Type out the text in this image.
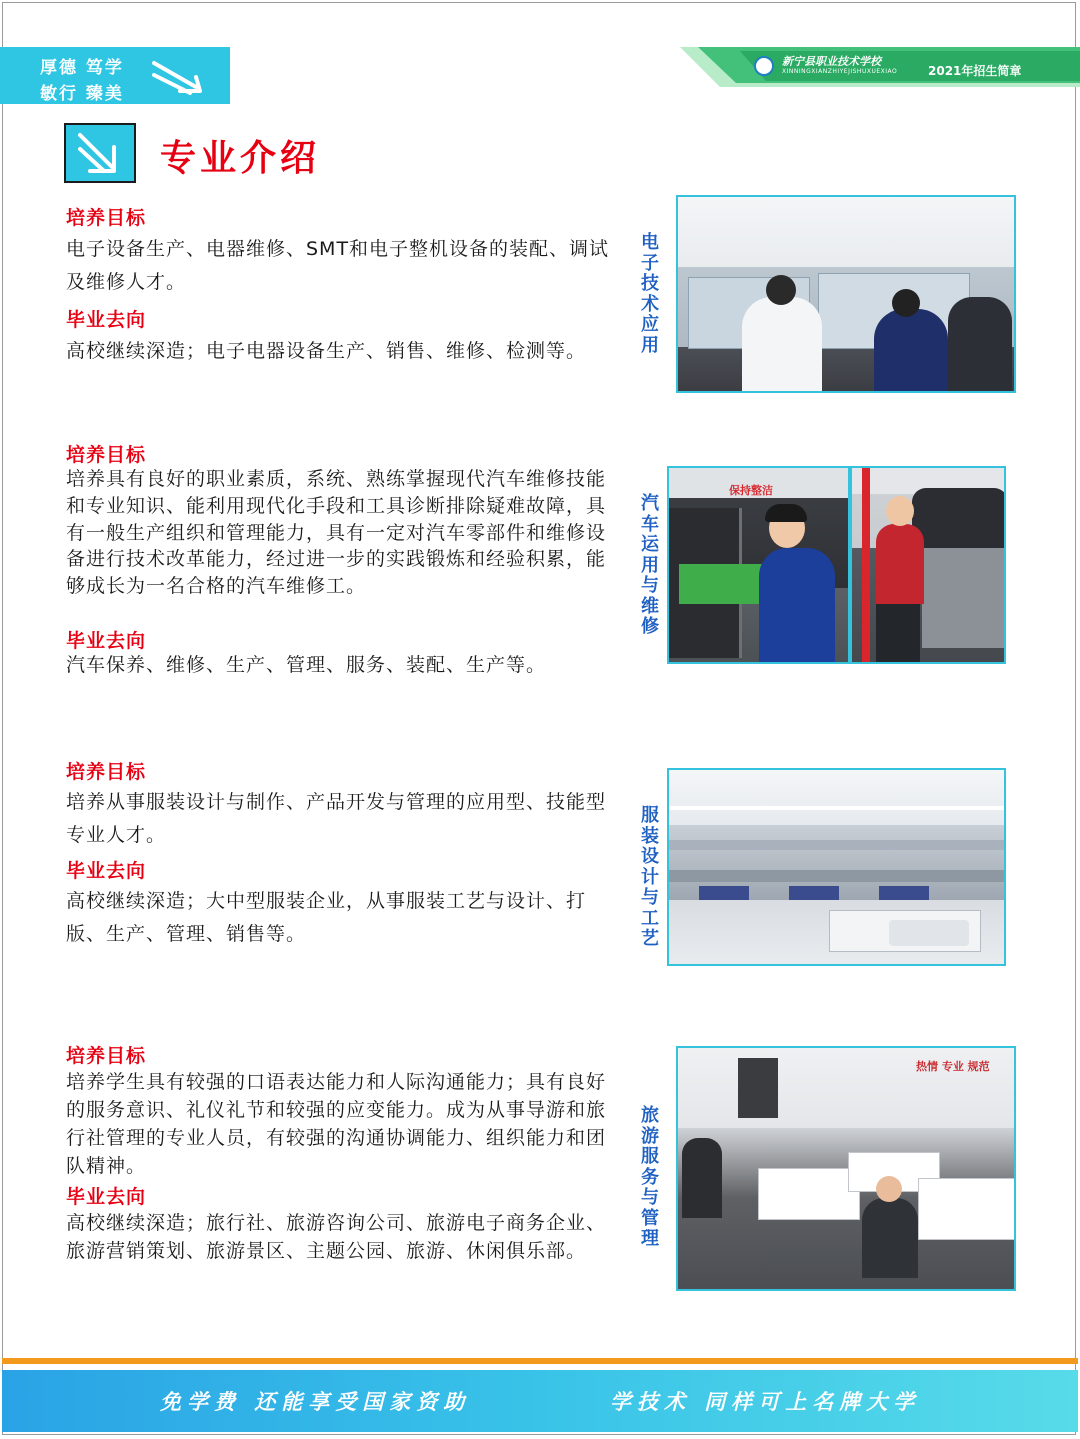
厚德 笃学
敏行 臻美
新宁县职业技术学校
XINNINGXIANZHIYEJISHUXUEXIAO	2021年招生简章
专业介绍
培养目标

电子设备生产、电器维修、SMT和电子整机设备的装配、调试及维修人才。

毕业去向

高校继续深造；电子电器设备生产、销售、维修、检测等。

电子技术应用
培养目标

培养具有良好的职业素质，系统、熟练掌握现代汽车维修技能和专业知识、能利用现代化手段和工具诊断排除疑难故障，具有一般生产组织和管理能力，具有一定对汽车零部件和维修设备进行技术改革能力，经过进一步的实践锻炼和经验积累，能够成长为一名合格的汽车维修工。

毕业去向

汽车保养、维修、生产、管理、服务、装配、生产等。

汽车运用与维修
保持整洁
培养目标

培养从事服装设计与制作、产品开发与管理的应用型、技能型专业人才。

毕业去向

高校继续深造；大中型服装企业，从事服装工艺与设计、打版、生产、管理、销售等。

服装设计与工艺
培养目标

培养学生具有较强的口语表达能力和人际沟通能力；具有良好的服务意识、礼仪礼节和较强的应变能力。成为从事导游和旅行社管理的专业人员，有较强的沟通协调能力、组织能力和团队精神。

毕业去向

高校继续深造；旅行社、旅游咨询公司、旅游电子商务企业、 旅游营销策划、旅游景区、主题公园、旅游、休闲俱乐部。

旅游服务与管理
热情 专业 规范
免学费 还能享受国家资助	学技术 同样可上名牌大学
